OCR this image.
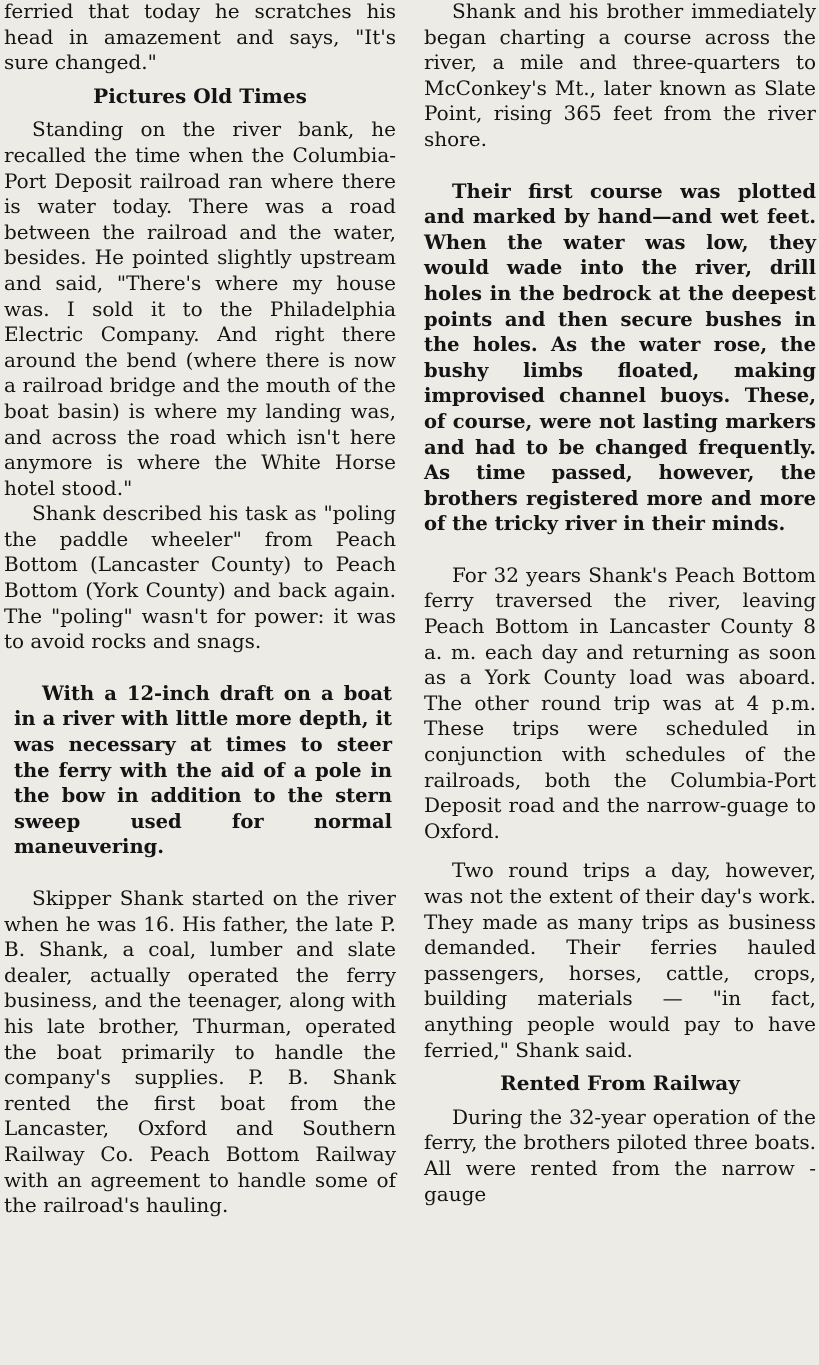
ferried that today he scratches his head in amazement and says, "It's sure changed."

Pictures Old Times

Standing on the river bank, he recalled the time when the Columbia-Port Deposit railroad ran where there is water today. There was a road between the railroad and the water, besides. He pointed slightly upstream and said, "There's where my house was. I sold it to the Philadelphia Electric Company. And right there around the bend (where there is now a railroad bridge and the mouth of the boat basin) is where my landing was, and across the road which isn't here anymore is where the White Horse hotel stood."

Shank described his task as "poling the paddle wheeler" from Peach Bottom (Lancaster County) to Peach Bottom (York County) and back again. The "poling" wasn't for power: it was to avoid rocks and snags.

With a 12-inch draft on a boat in a river with little more depth, it was necessary at times to steer the ferry with the aid of a pole in the bow in addition to the stern sweep used for normal maneuvering.

Skipper Shank started on the river when he was 16. His father, the late P. B. Shank, a coal, lumber and slate dealer, actually operated the ferry business, and the teenager, along with his late brother, Thurman, operated the boat primarily to handle the company's supplies. P. B. Shank rented the first boat from the Lancaster, Oxford and Southern Railway Co. Peach Bottom Railway with an agreement to handle some of the railroad's hauling.

Shank and his brother immediately began charting a course across the river, a mile and three-quarters to McConkey's Mt., later known as Slate Point, rising 365 feet from the river shore.

Their first course was plotted and marked by hand—and wet feet. When the water was low, they would wade into the river, drill holes in the bedrock at the deepest points and then secure bushes in the holes. As the water rose, the bushy limbs floated, making improvised channel buoys. These, of course, were not lasting markers and had to be changed frequently. As time passed, however, the brothers registered more and more of the tricky river in their minds.

For 32 years Shank's Peach Bottom ferry traversed the river, leaving Peach Bottom in Lancaster County 8 a. m. each day and returning as soon as a York County load was aboard. The other round trip was at 4 p.m. These trips were scheduled in conjunction with schedules of the railroads, both the Columbia-Port Deposit road and the narrow-guage to Oxford.

Two round trips a day, however, was not the extent of their day's work. They made as many trips as business demanded. Their ferries hauled passengers, horses, cattle, crops, building materials — "in fact, anything people would pay to have ferried," Shank said.

Rented From Railway

During the 32-year operation of the ferry, the brothers piloted three boats. All were rented from the narrow - gauge
